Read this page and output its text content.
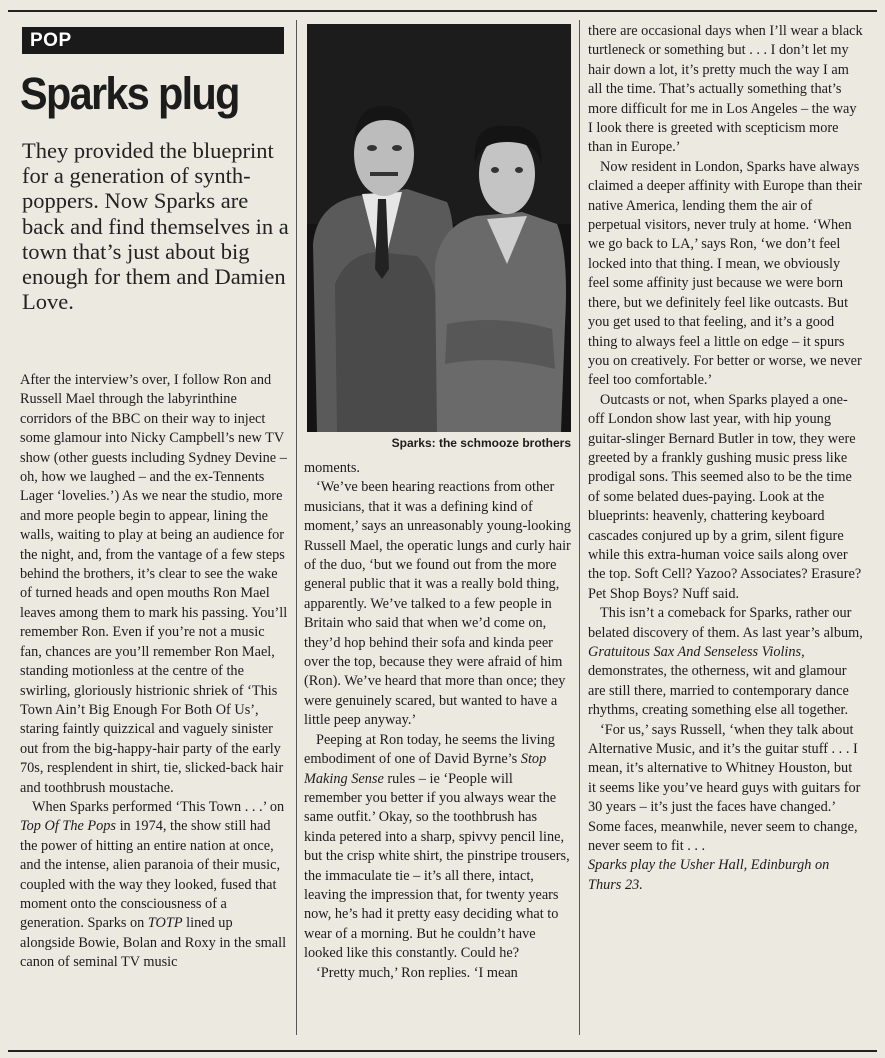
POP
Sparks plug
They provided the blueprint for a generation of synth-poppers. Now Sparks are back and find themselves in a town that’s just about big enough for them and Damien Love.

After the interview’s over, I follow Ron and Russell Mael through the labyrinthine corridors of the BBC on their way to inject some glamour into Nicky Campbell’s new TV show (other guests including Sydney Devine – oh, how we laughed – and the ex-Tennents Lager ‘lovelies.’) As we near the studio, more and more people begin to appear, lining the walls, waiting to play at being an audience for the night, and, from the vantage of a few steps behind the brothers, it’s clear to see the wake of turned heads and open mouths Ron Mael leaves among them to mark his passing. You’ll remember Ron. Even if you’re not a music fan, chances are you’ll remember Ron Mael, standing motionless at the centre of the swirling, gloriously histrionic shriek of ‘This Town Ain’t Big Enough For Both Of Us’, staring faintly quizzical and vaguely sinister out from the big-happy-hair party of the early 70s, resplendent in shirt, tie, slicked-back hair and toothbrush moustache.

When Sparks performed ‘This Town . . .’ on Top Of The Pops in 1974, the show still had the power of hitting an entire nation at once, and the intense, alien paranoia of their music, coupled with the way they looked, fused that moment onto the consciousness of a generation. Sparks on TOTP lined up alongside Bowie, Bolan and Roxy in the small canon of seminal TV music

Sparks: the schmooze brothers

moments.

‘We’ve been hearing reactions from other musicians, that it was a defining kind of moment,’ says an unreasonably young-looking Russell Mael, the operatic lungs and curly hair of the duo, ‘but we found out from the more general public that it was a really bold thing, apparently. We’ve talked to a few people in Britain who said that when we’d come on, they’d hop behind their sofa and kinda peer over the top, because they were afraid of him (Ron). We’ve heard that more than once; they were genuinely scared, but wanted to have a little peep anyway.’

Peeping at Ron today, he seems the living embodiment of one of David Byrne’s Stop Making Sense rules – ie ‘People will remember you better if you always wear the same outfit.’ Okay, so the toothbrush has kinda petered into a sharp, spivvy pencil line, but the crisp white shirt, the pinstripe trousers, the immaculate tie – it’s all there, intact, leaving the impression that, for twenty years now, he’s had it pretty easy deciding what to wear of a morning. But he couldn’t have looked like this constantly. Could he?

‘Pretty much,’ Ron replies. ‘I mean

there are occasional days when I’ll wear a black turtleneck or something but . . . I don’t let my hair down a lot, it’s pretty much the way I am all the time. That’s actually something that’s more difficult for me in Los Angeles – the way I look there is greeted with scepticism more than in Europe.’

Now resident in London, Sparks have always claimed a deeper affinity with Europe than their native America, lending them the air of perpetual visitors, never truly at home. ‘When we go back to LA,’ says Ron, ‘we don’t feel locked into that thing. I mean, we obviously feel some affinity just because we were born there, but we definitely feel like outcasts. But you get used to that feeling, and it’s a good thing to always feel a little on edge – it spurs you on creatively. For better or worse, we never feel too comfortable.’

Outcasts or not, when Sparks played a one-off London show last year, with hip young guitar-slinger Bernard Butler in tow, they were greeted by a frankly gushing music press like prodigal sons. This seemed also to be the time of some belated dues-paying. Look at the blueprints: heavenly, chattering keyboard cascades conjured up by a grim, silent figure while this extra-human voice sails along over the top. Soft Cell? Yazoo? Associates? Erasure? Pet Shop Boys? Nuff said.

This isn’t a comeback for Sparks, rather our belated discovery of them. As last year’s album, Gratuitous Sax And Senseless Violins, demonstrates, the otherness, wit and glamour are still there, married to contemporary dance rhythms, creating something else all together.

‘For us,’ says Russell, ‘when they talk about Alternative Music, and it’s the guitar stuff . . . I mean, it’s alternative to Whitney Houston, but it seems like you’ve heard guys with guitars for 30 years – it’s just the faces have changed.’ Some faces, meanwhile, never seem to change, never seem to fit . . .

Sparks play the Usher Hall, Edinburgh on Thurs 23.
